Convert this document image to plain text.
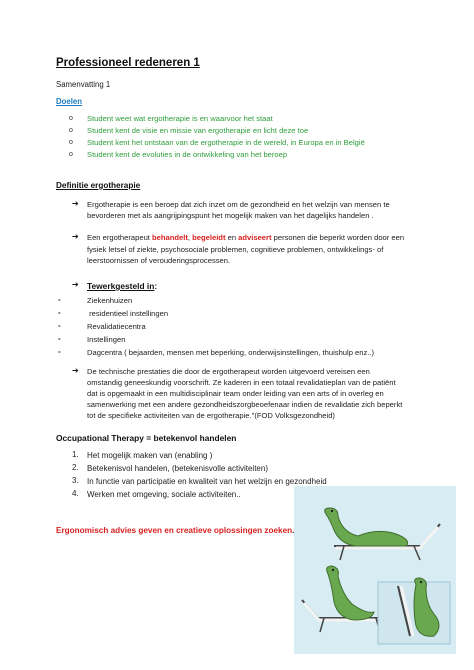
Professioneel redeneren 1
Samenvatting 1
Doelen
o Student weet wat ergotherapie is en waarvoor het staat
o Student kent de visie en missie van ergotherapie en licht deze toe
o Student kent het ontstaan van de ergotherapie in de wereld, in Europa en in België
o Student kent de evoluties in de ontwikkeling van het beroep
Definitie ergotherapie
➔ Ergotherapie is een beroep dat zich inzet om de gezondheid en het welzijn van mensen te
bevorderen met als aangrijpingspunt het mogelijk maken van het dagelijks handelen .
➔ Een ergotherapeut behandelt, begeleidt en adviseert personen die beperkt worden door een
fysiek letsel of ziekte, psychosociale problemen, cognitieve problemen, ontwikkelings- of
leerstoornissen of verouderingsprocessen.
➔ Tewerkgesteld in:
-	Ziekenhuizen
-	residentieel instellingen
-	Revalidatiecentra
-	Instellingen
-	Dagcentra ( bejaarden, mensen met beperking, onderwijsinstellingen, thuishulp enz..)
➔ De technische prestaties die door de ergotherapeut worden uitgevoerd vereisen een
omstandig geneeskundig voorschrift. Ze kaderen in een totaal revalidatieplan van de patiënt
dat is opgemaakt in een multidisciplinair team onder leiding van een arts of in overleg en
samenwerking met een andere gezondheidszorgbeoefenaar indien de revalidatie zich beperkt
tot de specifieke activiteiten van de ergotherapie."(FOD Volksgezondheid)
Occupational Therapy = betekenvol handelen
1. Het mogelijk maken van (enabling )
2. Betekenisvol handelen, (betekenisvolle activiteiten)
3. In functie van participatie en kwaliteit van het welzijn en gezondheid
4. Werken met omgeving, sociale activiteiten..
Ergonomisch advies geven en creatieve oplossingen zoeken.
